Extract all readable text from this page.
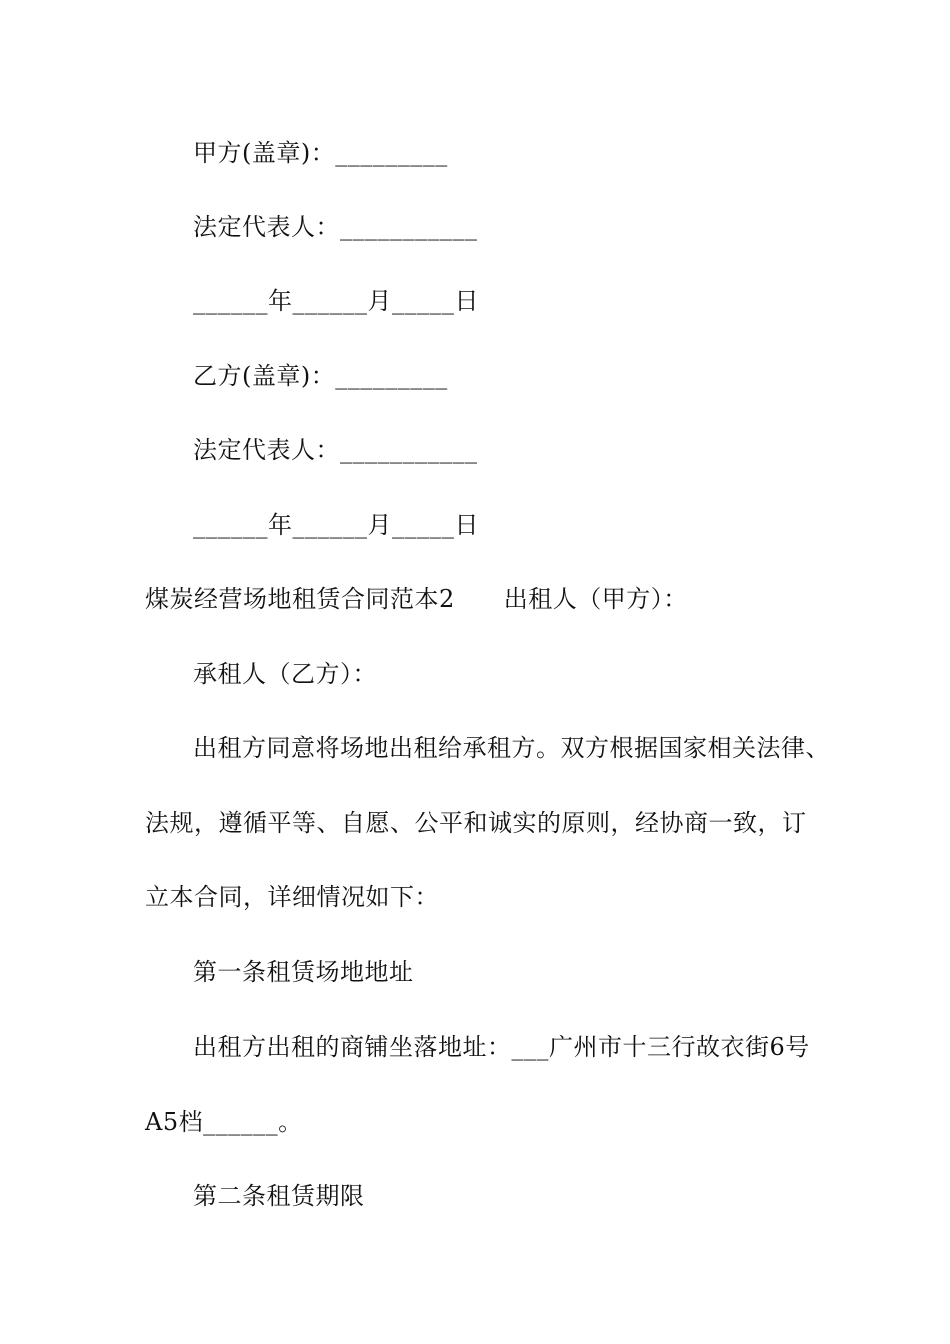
甲方(盖章)：_________
法定代表人：___________
______年______月_____日
乙方(盖章)：_________
法定代表人：___________
______年______月_____日
煤炭经营场地租赁合同范本2　　出租人（甲方）：
承租人（乙方）：
出租方同意将场地出租给承租方。双方根据国家相关法律、
法规，遵循平等、自愿、公平和诚实的原则，经协商一致，订
立本合同，详细情况如下：
第一条租赁场地地址
出租方出租的商铺坐落地址：___广州市十三行故衣街6号
A5档______。
第二条租赁期限
